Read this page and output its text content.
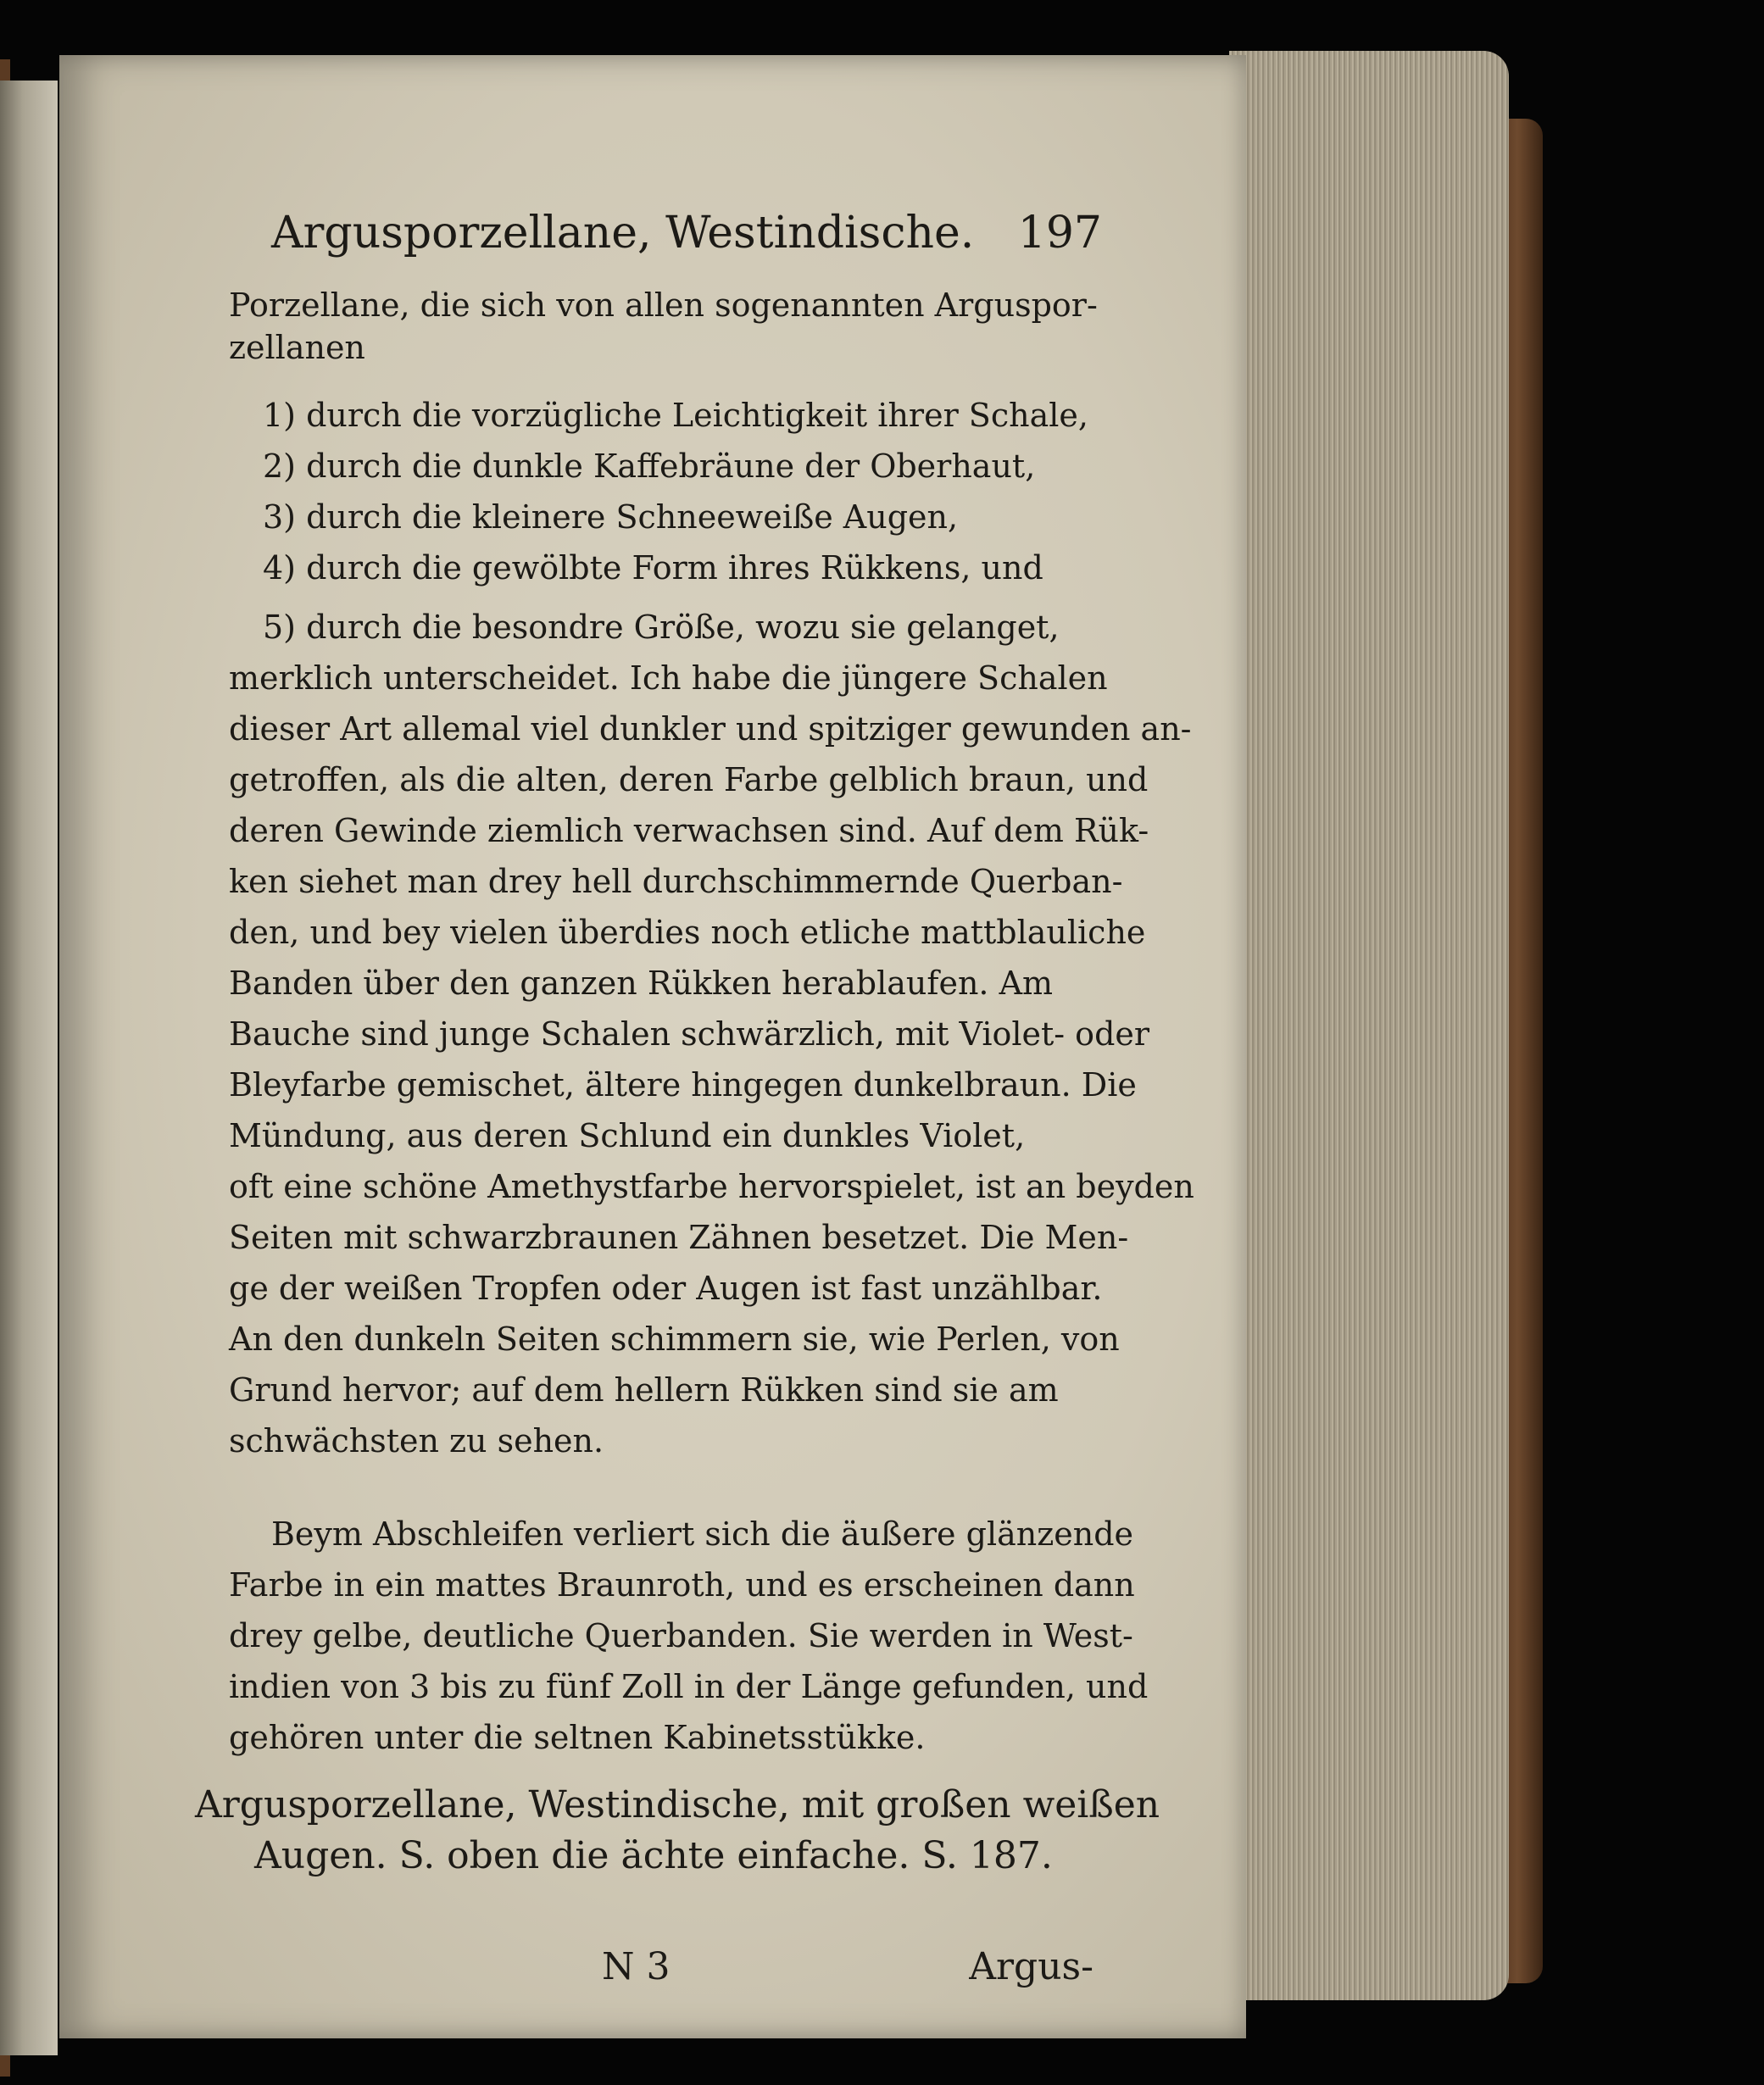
Argusporzellane, Westindische. 197
Porzellane, die sich von allen sogenannten Arguspor-
zellanen
1) durch die vorzügliche Leichtigkeit ihrer Schale,
2) durch die dunkle Kaffebräune der Oberhaut,
3) durch die kleinere Schneeweiße Augen,
4) durch die gewölbte Form ihres Rükkens, und
5) durch die besondre Größe, wozu sie gelanget,
merklich unterscheidet. Ich habe die jüngere Schalen
dieser Art allemal viel dunkler und spitziger gewunden an-
getroffen, als die alten, deren Farbe gelblich braun, und
deren Gewinde ziemlich verwachsen sind. Auf dem Rük-
ken siehet man drey hell durchschimmernde Querban-
den, und bey vielen überdies noch etliche mattblauliche
Banden über den ganzen Rükken herablaufen. Am
Bauche sind junge Schalen schwärzlich, mit Violet- oder
Bleyfarbe gemischet, ältere hingegen dunkelbraun. Die
Mündung, aus deren Schlund ein dunkles Violet,
oft eine schöne Amethystfarbe hervorspielet, ist an beyden
Seiten mit schwarzbraunen Zähnen besetzet. Die Men-
ge der weißen Tropfen oder Augen ist fast unzählbar.
An den dunkeln Seiten schimmern sie, wie Perlen, von
Grund hervor; auf dem hellern Rükken sind sie am
schwächsten zu sehen.
Beym Abschleifen verliert sich die äußere glänzende
Farbe in ein mattes Braunroth, und es erscheinen dann
drey gelbe, deutliche Querbanden. Sie werden in West-
indien von 3 bis zu fünf Zoll in der Länge gefunden, und
gehören unter die seltnen Kabinetsstükke.
Argusporzellane, Westindische, mit großen weißen
Augen. S. oben die ächte einfache. S. 187.
N 3	Argus-
